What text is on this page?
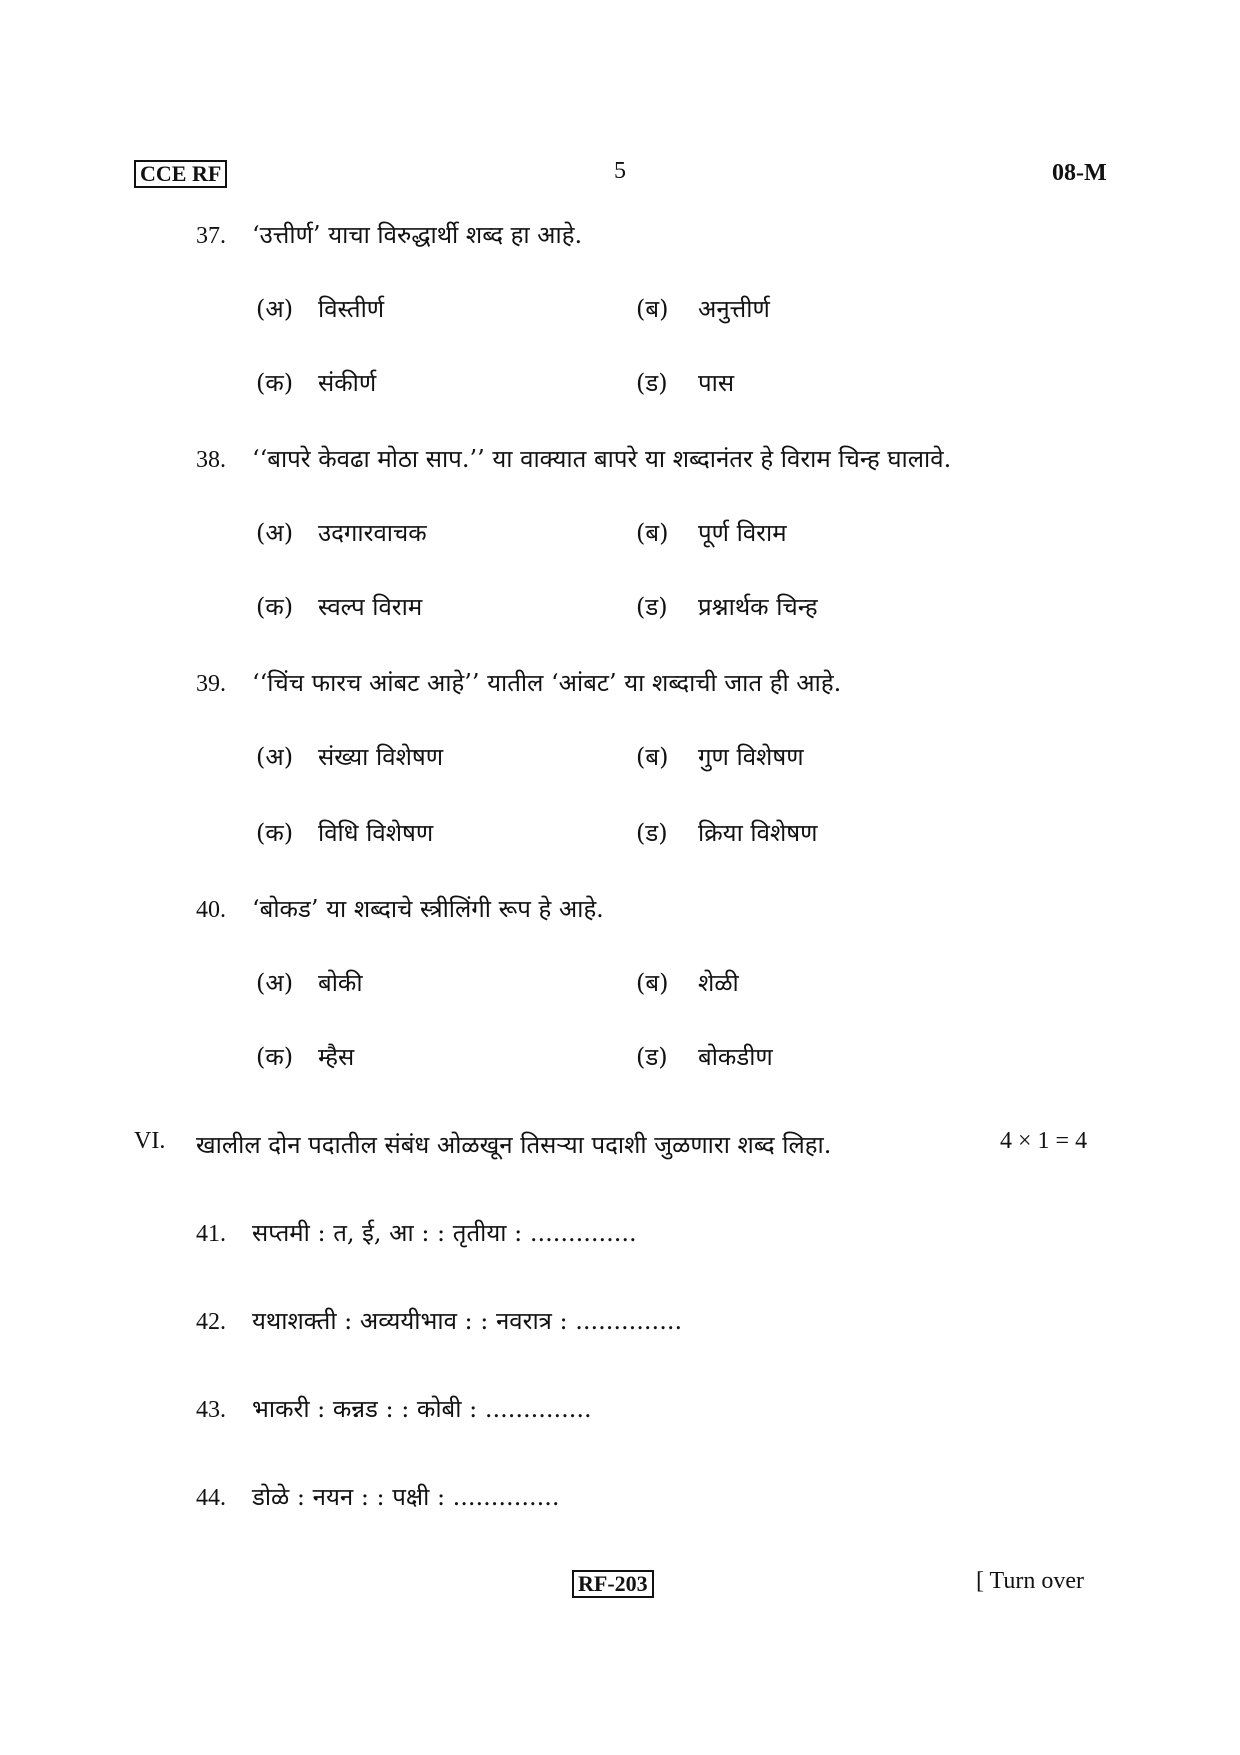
CCE RF	5	08-M
37. ‘उत्तीर्ण’ याचा विरुद्धार्थी शब्द हा आहे.
(अ) विस्तीर्ण	(ब) अनुत्तीर्ण
(क) संकीर्ण	(ड) पास
38. ‘‘बापरे केवढा मोठा साप.’’ या वाक्यात बापरे या शब्दानंतर हे विराम चिन्ह घालावे.
(अ) उदगारवाचक	(ब) पूर्ण विराम
(क) स्वल्प विराम	(ड) प्रश्नार्थक चिन्ह
39. ‘‘चिंच फारच आंबट आहे’’ यातील ‘आंबट’ या शब्दाची जात ही आहे.
(अ) संख्या विशेषण	(ब) गुण विशेषण
(क) विधि विशेषण	(ड) क्रिया विशेषण
40. ‘बोकड’ या शब्दाचे स्त्रीलिंगी रूप हे आहे.
(अ) बोकी	(ब) शेळी
(क) म्हैस	(ड) बोकडीण
VI. खालील दोन पदातील संबंध ओळखून तिसऱ्या पदाशी जुळणारा शब्द लिहा.	4 × 1 = 4
41. सप्तमी : त, ई, आ : : तृतीया : ..............
42. यथाशक्ती : अव्ययीभाव : : नवरात्र : ..............
43. भाकरी : कन्नड : : कोबी : ..............
44. डोळे : नयन : : पक्षी : ..............
RF-203	[ Turn over
